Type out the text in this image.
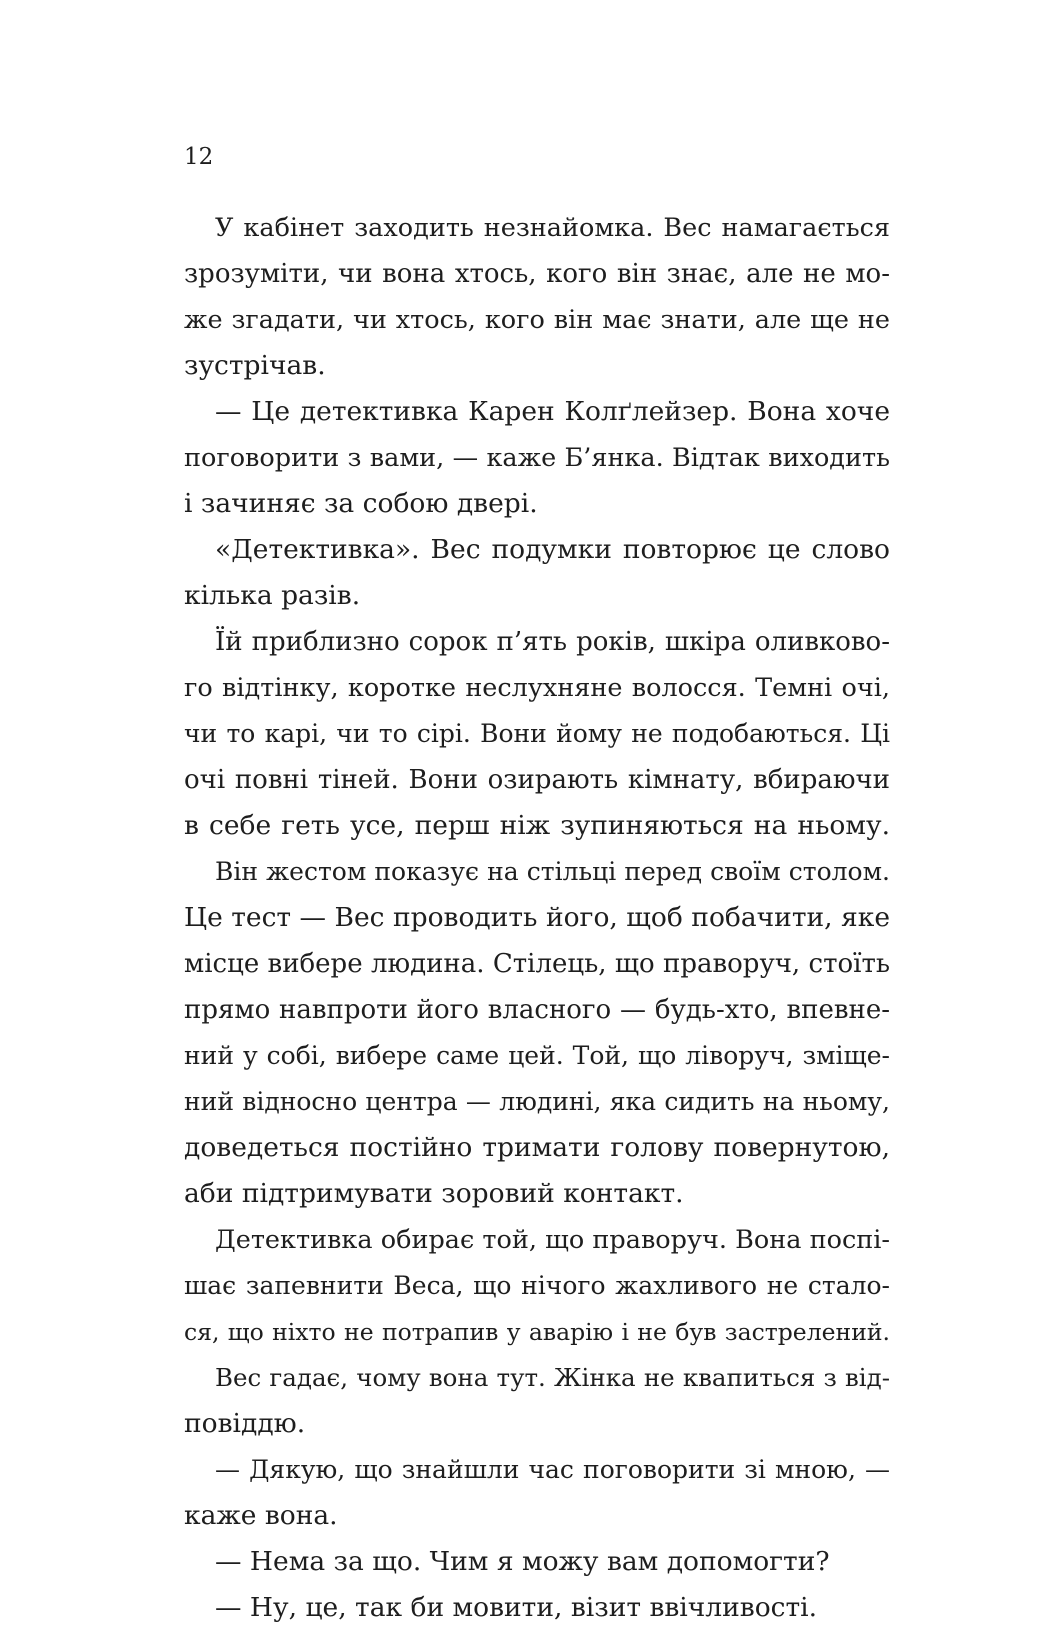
12
У кабінет заходить незнайомка. Вес намагається
зрозуміти, чи вона хтось, кого він знає, але не мо-
же згадати, чи хтось, кого він має знати, але ще не
зустрічав.
— Це детективка Карен Колґлейзер. Вона хоче
поговорити з вами, — каже Б’янка. Відтак виходить
і зачиняє за собою двері.
«Детективка». Вес подумки повторює це слово
кілька разів.
Їй приблизно сорок п’ять років, шкіра оливково-
го відтінку, коротке неслухняне волосся. Темні очі,
чи то карі, чи то сірі. Вони йому не подобаються. Ці
очі повні тіней. Вони озирають кімнату, вбираючи
в себе геть усе, перш ніж зупиняються на ньому.
Він жестом показує на стільці перед своїм столом.
Це тест — Вес проводить його, щоб побачити, яке
місце вибере людина. Стілець, що праворуч, стоїть
прямо навпроти його власного — будь-хто, впевне-
ний у собі, вибере саме цей. Той, що ліворуч, зміще-
ний відносно центра — людині, яка сидить на ньому,
доведеться постійно тримати голову повернутою,
аби підтримувати зоровий контакт.
Детективка обирає той, що праворуч. Вона поспі-
шає запевнити Веса, що нічого жахливого не стало-
ся, що ніхто не потрапив у аварію і не був застрелений.
Вес гадає, чому вона тут. Жінка не квапиться з від-
повіддю.
— Дякую, що знайшли час поговорити зі мною, —
каже вона.
— Нема за що. Чим я можу вам допомогти?
— Ну, це, так би мовити, візит ввічливості.
